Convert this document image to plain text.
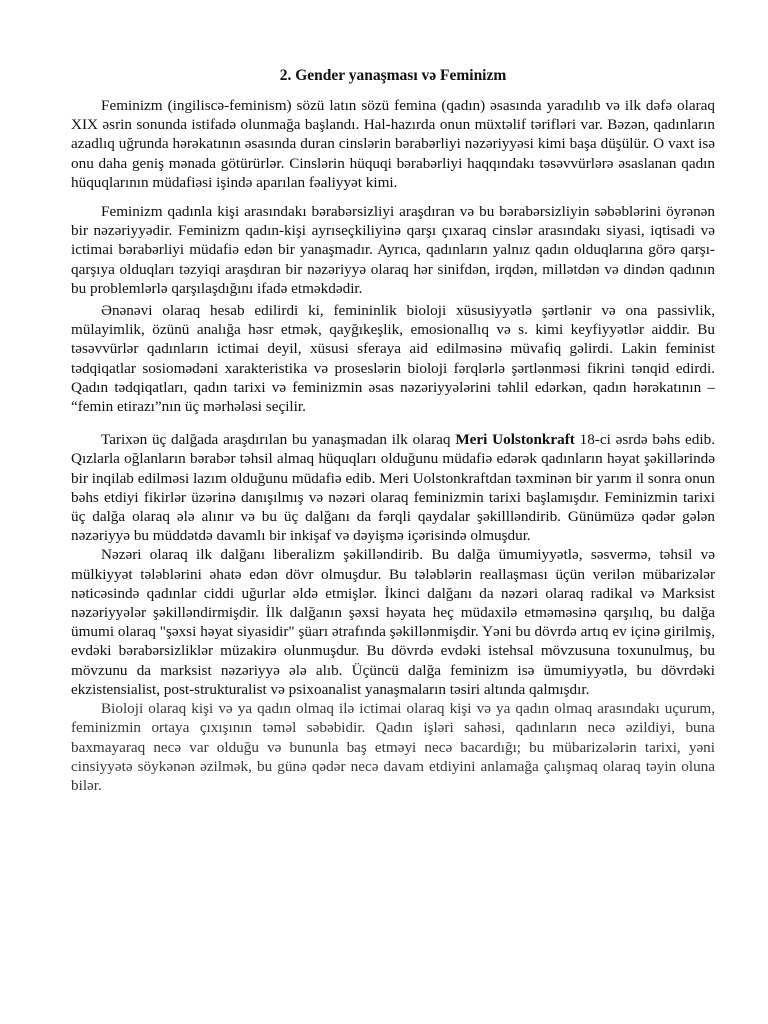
2. Gender yanaşması və Feminizm

Feminizm (ingiliscə-feminism) sözü latın sözü femina (qadın) əsasında yaradılıb və ilk dəfə olaraq XIX əsrin sonunda istifadə olunmağa başlandı. Hal-hazırda onun müxtəlif tərifləri var. Bəzən, qadınların azadlıq uğrunda hərəkatının əsasında duran cinslərin bərabərliyi nəzəriyyəsi kimi başa düşülür. O vaxt isə onu daha geniş mənada götürürlər. Cinslərin hüquqi bərabərliyi haqqındakı təsəvvürlərə əsaslanan qadın hüquqlarının müdafiəsi işində aparılan fəaliyyət kimi.

Feminizm qadınla kişi arasındakı bərabərsizliyi araşdıran və bu bərabərsizliyin səbəblərini öyrənən bir nəzəriyyədir. Feminizm qadın-kişi ayrıseçkiliyinə qarşı çıxaraq cinslər arasındakı siyasi, iqtisadi və ictimai bərabərliyi müdafiə edən bir yanaşmadır. Ayrıca, qadınların yalnız qadın olduqlarına görə qarşı-qarşıya olduqları təzyiqi araşdıran bir nəzəriyyə olaraq hər sinifdən, irqdən, millətdən və dindən qadının bu problemlərlə qarşılaşdığını ifadə etməkdədir.

Ənənəvi olaraq hesab edilirdi ki, femininlik bioloji xüsusiyyətlə şərtlənir və ona passivlik, mülayimlik, özünü analığa həsr etmək, qayğıkeşlik, emosionallıq və s. kimi keyfiyyətlər aiddir. Bu təsəvvürlər qadınların ictimai deyil, xüsusi sferaya aid edilməsinə müvafiq gəlirdi. Lakin feminist tədqiqatlar sosiomədəni xarakteristika və proseslərin bioloji fərqlərlə şərtlənməsi fikrini tənqid edirdi. Qadın tədqiqatları, qadın tarixi və feminizmin əsas nəzəriyyələrini təhlil edərkən, qadın hərəkatının – “femin etirazı”nın üç mərhələsi seçilir.

Tarixən üç dalğada araşdırılan bu yanaşmadan ilk olaraq Meri Uolstonkraft 18-ci əsrdə bəhs edib. Qızlarla oğlanların bərabər təhsil almaq hüquqları olduğunu müdafiə edərək qadınların həyat şəkillərində bir inqilab edilməsi lazım olduğunu müdafiə edib. Meri Uolstonkraftdan təxminən bir yarım il sonra onun bəhs etdiyi fikirlər üzərinə danışılmış və nəzəri olaraq feminizmin tarixi başlamışdır. Feminizmin tarixi üç dalğa olaraq ələ alınır və bu üç dalğanı da fərqli qaydalar şəkillləndirib. Günümüzə qədər gələn nəzəriyyə bu müddətdə davamlı bir inkişaf və dəyişmə içərisində olmuşdur.

Nəzəri olaraq ilk dalğanı liberalizm şəkilləndirib. Bu dalğa ümumiyyətlə, səsvermə, təhsil və mülkiyyət tələblərini əhatə edən dövr olmuşdur. Bu tələblərin reallaşması üçün verilən mübarizələr nəticəsində qadınlar ciddi uğurlar əldə etmişlər. İkinci dalğanı da nəzəri olaraq radikal və Marksist nəzəriyyələr şəkilləndirmişdir. İlk dalğanın şəxsi həyata heç müdaxilə etməməsinə qarşılıq, bu dalğa ümumi olaraq "şəxsi həyat siyasidir" şüarı ətrafında şəkillənmişdir. Yəni bu dövrdə artıq ev içinə girilmiş, evdəki bərabərsizliklər müzakirə olunmuşdur. Bu dövrdə evdəki istehsal mövzusuna toxunulmuş, bu mövzunu da marksist nəzəriyyə ələ alıb. Üçüncü dalğa feminizm isə ümumiyyətlə, bu dövrdəki ekzistensialist, post-strukturalist və psixoanalist yanaşmaların təsiri altında qalmışdır.

Bioloji olaraq kişi və ya qadın olmaq ilə ictimai olaraq kişi və ya qadın olmaq arasındakı uçurum, feminizmin ortaya çıxışının təməl səbəbidir. Qadın işləri sahəsi, qadınların necə əzildiyi, buna baxmayaraq necə var olduğu və bununla baş etməyi necə bacardığı; bu mübarizələrin tarixi, yəni cinsiyyətə söykənən əzilmək, bu günə qədər necə davam etdiyini anlamağa çalışmaq olaraq təyin oluna bilər.
